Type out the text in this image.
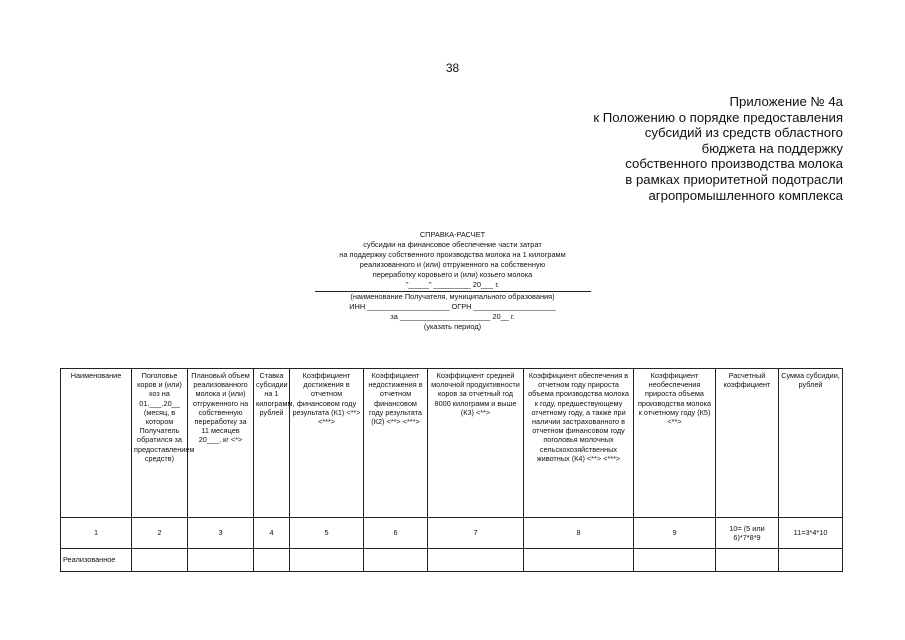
38
Приложение № 4а
к Положению о порядке предоставления
субсидий из средств областного
бюджета на поддержку
собственного производства молока
в рамках приоритетной подотрасли
агропромышленного комплекса
СПРАВКА-РАСЧЕТ
субсидии на финансовое обеспечение части затрат
на поддержку собственного производства молока на 1 килограмм
реализованного и (или) отгруженного на собственную
переработку коровьего и (или) козьего молока
"_____" _________ 20___ г.
(наименование Получателя, муниципального образования)
ИНН ____________________ ОГРН ____________________
за ______________________ 20__ г.
(указать период)
Наименование	Поголовье коров и (или) коз на 01.___.20__ (месяц, в котором Получатель обратился за предоставлением средств)	Плановый объем реализованного молока и (или) отгруженного на собственную переработку за 11 месяцев 20___, кг <*>	Ставка субсидии на 1 килограмм, рублей	Коэффициент достижения в отчетном финансовом году результата (К1) <**> <***>	Коэффициент недостижения в отчетном финансовом году результата (К2) <**> <***>	Коэффициент средней молочной продуктивности коров за отчетный год 8000 килограмм и выше (К3) <**>	Коэффициент обеспечения в отчетном году прироста объема производства молока к году, предшествующему отчетному году, а также при наличии застрахованного в отчетном финансовом году поголовья молочных сельскохозяйственных животных (К4) <**> <***>	Коэффициент необеспечения прироста объема производства молока к отчетному году (К5) <**>	Расчетный коэффициент	Сумма субсидии, рублей
1	2	3	4	5	6	7	8	9	10= (5 или 6)*7*8*9	11=3*4*10
Реализованное										
